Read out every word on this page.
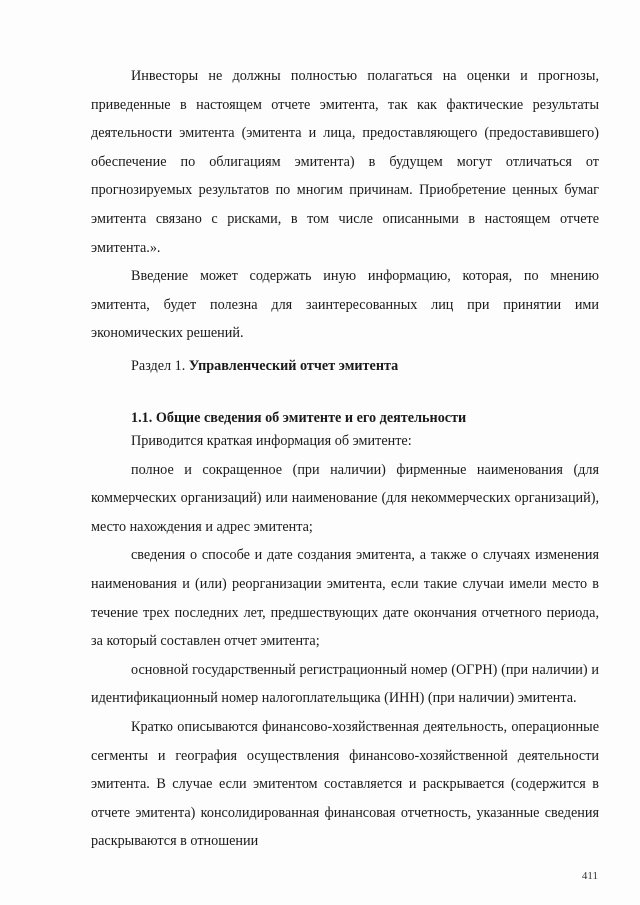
Инвесторы не должны полностью полагаться на оценки и прогнозы, приведенные в настоящем отчете эмитента, так как фактические результаты деятельности эмитента (эмитента и лица, предоставляющего (предоставившего) обеспечение по облигациям эмитента) в будущем могут отличаться от прогнозируемых результатов по многим причинам. Приобретение ценных бумаг эмитента связано с рисками, в том числе описанными в настоящем отчете эмитента.».

Введение может содержать иную информацию, которая, по мнению эмитента, будет полезна для заинтересованных лиц при принятии ими экономических решений.

Раздел 1. Управленческий отчет эмитента

1.1. Общие сведения об эмитенте и его деятельности

Приводится краткая информация об эмитенте:

полное и сокращенное (при наличии) фирменные наименования (для коммерческих организаций) или наименование (для некоммерческих организаций), место нахождения и адрес эмитента;

сведения о способе и дате создания эмитента, а также о случаях изменения наименования и (или) реорганизации эмитента, если такие случаи имели место в течение трех последних лет, предшествующих дате окончания отчетного периода, за который составлен отчет эмитента;

основной государственный регистрационный номер (ОГРН) (при наличии) и идентификационный номер налогоплательщика (ИНН) (при наличии) эмитента.

Кратко описываются финансово-хозяйственная деятельность, операционные сегменты и география осуществления финансово-хозяйственной деятельности эмитента. В случае если эмитентом составляется и раскрывается (содержится в отчете эмитента) консолидированная финансовая отчетность, указанные сведения раскрываются в отношении

411
